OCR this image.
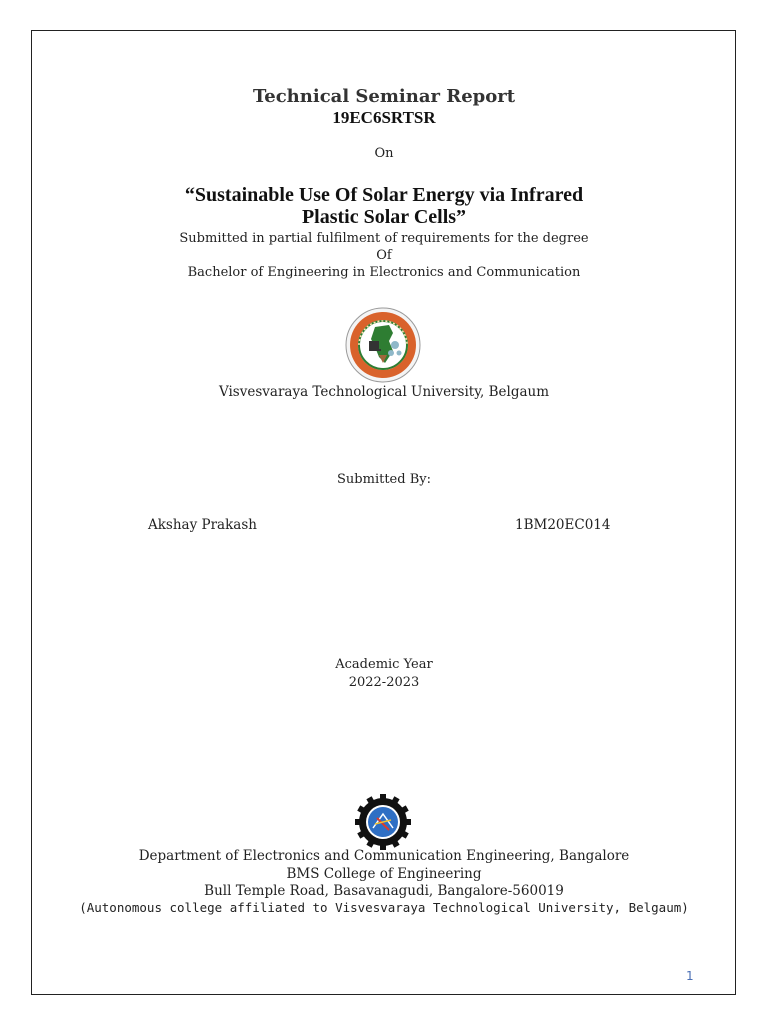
Technical Seminar Report
19EC6SRTSR
On
“Sustainable Use Of Solar Energy via Infrared
Plastic Solar Cells”
Submitted in partial fulfilment of requirements for the degree
Of
Bachelor of Engineering in Electronics and Communication
Visvesvaraya Technological University, Belgaum
Submitted By:
Akshay Prakash	1BM20EC014
Academic Year
2022-2023
Department of Electronics and Communication Engineering, Bangalore
BMS College of Engineering
Bull Temple Road, Basavanagudi, Bangalore-560019
(Autonomous college affiliated to Visvesvaraya Technological University, Belgaum)
1
